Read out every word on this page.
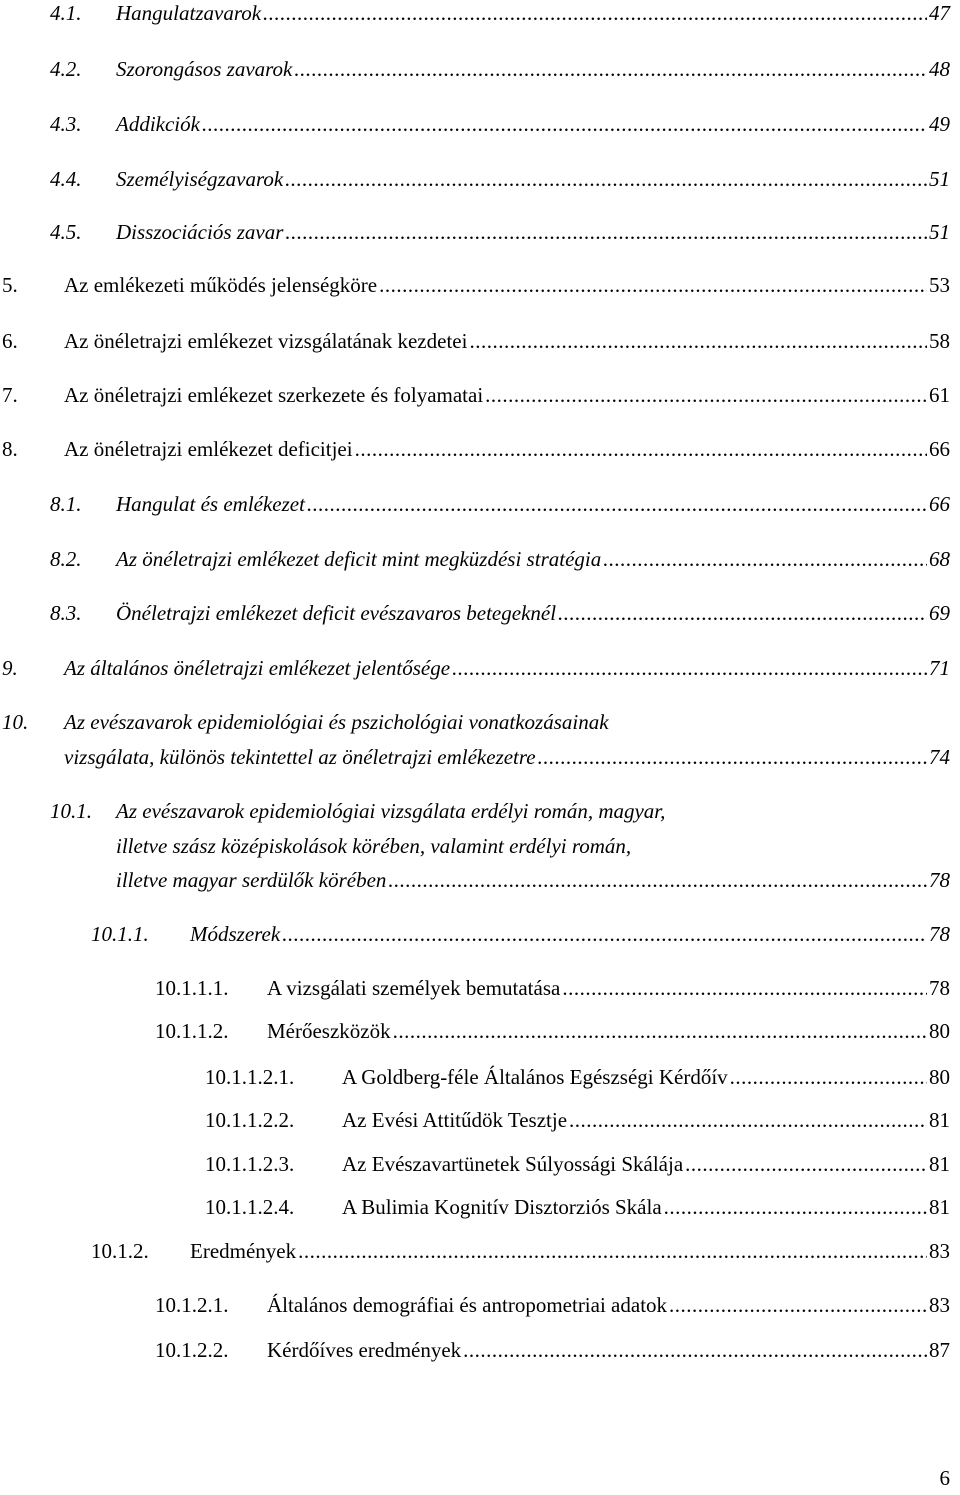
4.1. Hangulatzavarok .....	47
4.2. Szorongásos zavarok .....	48
4.3. Addikciók .....	49
4.4. Személyiségzavarok .....	51
4.5. Disszociációs zavar .....	51
5. Az emlékezeti működés jelenségköre .....	53
6. Az önéletrajzi emlékezet vizsgálatának kezdetei .....	58
7. Az önéletrajzi emlékezet szerkezete és folyamatai .....	61
8. Az önéletrajzi emlékezet deficitjei .....	66
8.1. Hangulat és emlékezet .....	66
8.2. Az önéletrajzi emlékezet deficit mint megküzdési stratégia .....	68
8.3. Önéletrajzi emlékezet deficit evészavaros betegeknél .....	69
9. Az általános önéletrajzi emlékezet jelentősége .....	71
10. Az evészavarok epidemiológiai és pszichológiai vonatkozásainak
vizsgálata, különös tekintettel az önéletrajzi emlékezetre .....	74
10.1. Az evészavarok epidemiológiai vizsgálata erdélyi román, magyar,
illetve szász középiskolások körében, valamint erdélyi román,
illetve magyar serdülők körében .....	78
10.1.1. Módszerek .....	78
10.1.1.1. A vizsgálati személyek bemutatása .....	78
10.1.1.2. Mérőeszközök .....	80
10.1.1.2.1. A Goldberg-féle Általános Egészségi Kérdőív .....	80
10.1.1.2.2. Az Evési Attitűdök Tesztje .....	81
10.1.1.2.3. Az Evészavartünetek Súlyossági Skálája .....	81
10.1.1.2.4. A Bulimia Kognitív Disztorziós Skála .....	81
10.1.2. Eredmények .....	83
10.1.2.1. Általános demográfiai és antropometriai adatok .....	83
10.1.2.2. Kérdőíves eredmények .....	87
6
